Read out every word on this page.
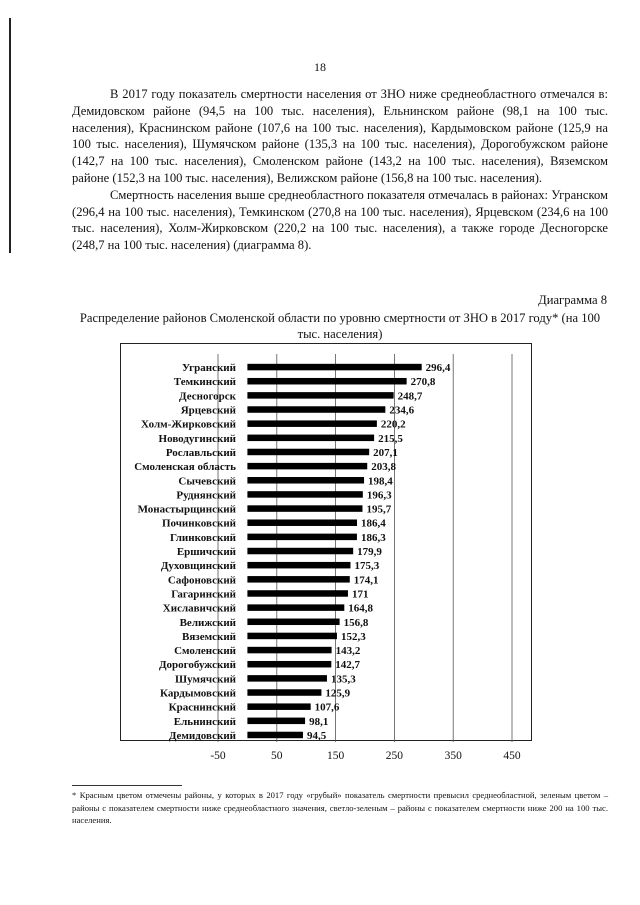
18

В 2017 году показатель смертности населения от ЗНО ниже среднеобластного отмечался в: Демидовском районе (94,5 на 100 тыс. населения), Ельнинском районе (98,1 на 100 тыс. населения), Краснинском районе (107,6 на 100 тыс. населения), Кардымовском районе (125,9 на 100 тыс. населения), Шумячском районе (135,3 на 100 тыс. населения), Дорогобужском районе (142,7 на 100 тыс. населения), Смоленском районе (143,2 на 100 тыс. населения), Вяземском районе (152,3 на 100 тыс. населения), Велижском районе (156,8 на 100 тыс. населения).

Смертность населения выше среднеобластного показателя отмечалась в районах: Угранском (296,4 на 100 тыс. населения), Темкинском (270,8 на 100 тыс. населения), Ярцевском (234,6 на 100 тыс. населения), Холм-Жирковском (220,2 на 100 тыс. населения), а также городе Десногорске (248,7 на 100 тыс. населения) (диаграмма 8).

Диаграмма 8
Распределение районов Смоленской области по уровню смертности от ЗНО в 2017 году* (на 100 тыс. населения)
-50	50	150	250	350	450
Угранский	296,4
Темкинский	270,8
Десногорск	248,7
Ярцевский	234,6
Холм-Жирковский	220,2
Новодугинский	215,5
Рославльский	207,1
Смоленская область	203,8
Сычевский	198,4
Руднянский	196,3
Монастырщинский	195,7
Починковский	186,4
Глинковский	186,3
Ершичский	179,9
Духовщинский	175,3
Сафоновский	174,1
Гагаринский	171
Хиславичский	164,8
Велижский	156,8
Вяземский	152,3
Смоленский	143,2
Дорогобужский	142,7
Шумячский	135,3
Кардымовский	125,9
Краснинский	107,6
Ельнинский	98,1
Демидовский	94,5
* Красным цветом отмечены районы, у которых в 2017 году «грубый» показатель смертности превысил среднеобластной, зеленым цветом – районы с показателем смертности ниже среднеобластного значения, светло-зеленым – районы с показателем смертности ниже 200 на 100 тыс. населения.
